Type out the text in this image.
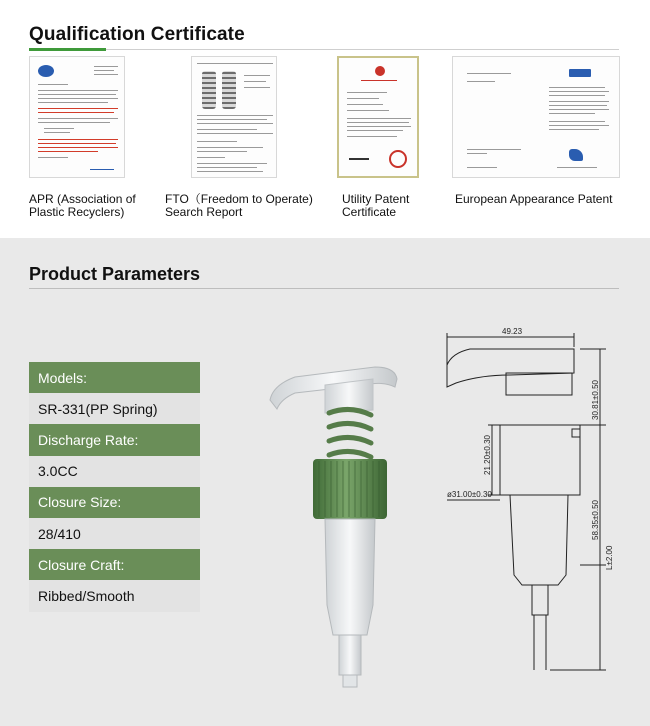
Qualification Certificate
APR (Association of
Plastic Recyclers)
FTO（Freedom to Operate)
Search Report
Utility Patent
Certificate
European Appearance Patent
Product Parameters
Models:
SR-331(PP Spring)
Discharge Rate:
3.0CC
Closure Size:
28/410
Closure Craft:
Ribbed/Smooth
49.23
30.81±0.50
21.20±0.30
ø31.00±0.30
58.35±0.50
L±2.00
